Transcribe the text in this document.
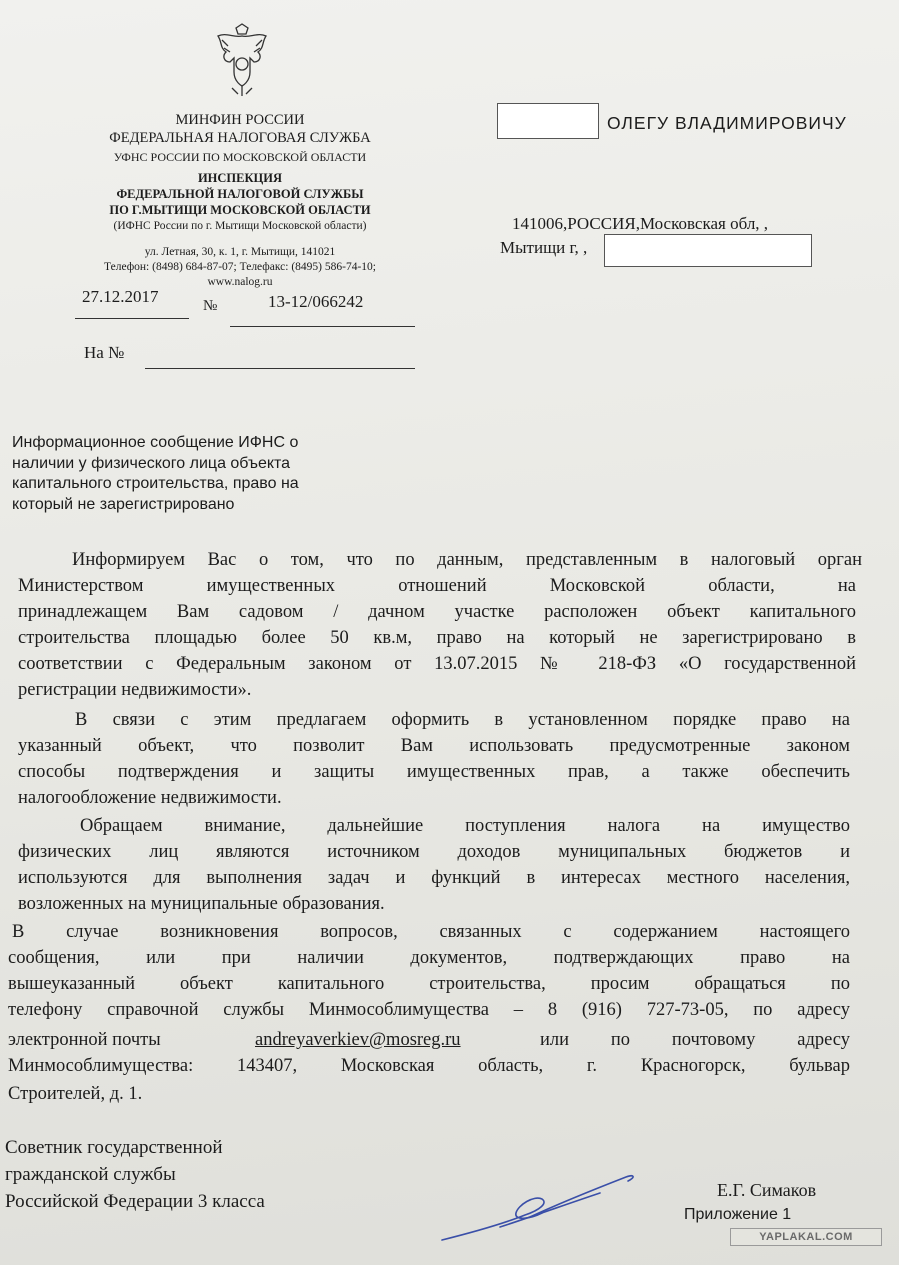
МИНФИН РОССИИ
ФЕДЕРАЛЬНАЯ НАЛОГОВАЯ СЛУЖБА
УФНС РОССИИ ПО МОСКОВСКОЙ ОБЛАСТИ
ИНСПЕКЦИЯ
ФЕДЕРАЛЬНОЙ НАЛОГОВОЙ СЛУЖБЫ
ПО Г.МЫТИЩИ МОСКОВСКОЙ ОБЛАСТИ
(ИФНС России по г. Мытищи Московской области)
ул. Летная, 30, к. 1, г. Мытищи, 141021
Телефон: (8498) 684-87-07; Телефакс: (8495) 586-74-10;
www.nalog.ru
27.12.2017	№	13-12/066242
На №
ОЛЕГУ ВЛАДИМИРОВИЧУ
141006,РОССИЯ,Московская обл, ,
Мытищи г, ,
Информационное сообщение ИФНС о наличии у физического лица объекта капитального строительства, право на который не зарегистрировано
Информируем Вас о том, что по данным, представленным в налоговый орган
Министерством имущественных отношений Московской области, на
принадлежащем Вам садовом / дачном участке расположен объект капитального
строительства площадью более 50 кв.м, право на который не зарегистрировано в
соответствии с Федеральным законом от 13.07.2015 № 218-ФЗ «О государственной
регистрации недвижимости».
В связи с этим предлагаем оформить в установленном порядке право на
указанный объект, что позволит Вам использовать предусмотренные законом
способы подтверждения и защиты имущественных прав, а также обеспечить
налогообложение недвижимости.
Обращаем внимание, дальнейшие поступления налога на имущество
физических лиц являются источником доходов муниципальных бюджетов и
используются для выполнения задач и функций в интересах местного населения,
возложенных на муниципальные образования.
В случае возникновения вопросов, связанных с содержанием настоящего
сообщения, или при наличии документов, подтверждающих право на
вышеуказанный объект капитального строительства, просим обращаться по
телефону справочной службы Минмособлимущества – 8 (916) 727-73-05, по адресу
электронной почты	andreyaverkiev@mosreg.ru	или по почтовому адресу
Минмособлимущества: 143407, Московская область, г. Красногорск, бульвар
Строителей, д. 1.
Советник государственной
гражданской службы
Российской Федерации 3 класса
Е.Г. Симаков
Приложение 1
YAPLAKAL.COM
